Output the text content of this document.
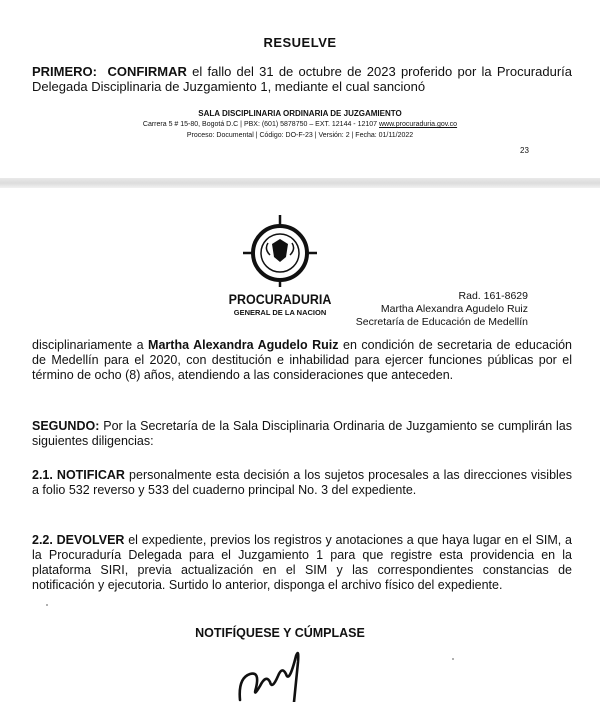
RESUELVE

PRIMERO: CONFIRMAR el fallo del 31 de octubre de 2023 proferido por la Procuraduría Delegada Disciplinaria de Juzgamiento 1, mediante el cual sancionó

SALA DISCIPLINARIA ORDINARIA DE JUZGAMIENTO
Carrera 5 # 15-80, Bogotá D.C | PBX: (601) 5878750 – EXT. 12144 - 12107 www.procuraduria.gov.co
Proceso: Documental | Código: DO-F-23 | Versión: 2 | Fecha: 01/11/2022
23
PROCURADURIA
GENERAL DE LA NACION
Rad. 161-8629
Martha Alexandra Agudelo Ruiz
Secretaría de Educación de Medellín

disciplinariamente a Martha Alexandra Agudelo Ruiz en condición de secretaria de educación de Medellín para el 2020, con destitución e inhabilidad para ejercer funciones públicas por el término de ocho (8) años, atendiendo a las consideraciones que anteceden.

SEGUNDO: Por la Secretaría de la Sala Disciplinaria Ordinaria de Juzgamiento se cumplirán las siguientes diligencias:

2.1. NOTIFICAR personalmente esta decisión a los sujetos procesales a las direcciones visibles a folio 532 reverso y 533 del cuaderno principal No. 3 del expediente.

2.2. DEVOLVER el expediente, previos los registros y anotaciones a que haya lugar en el SIM, a la Procuraduría Delegada para el Juzgamiento 1 para que registre esta providencia en la plataforma SIRI, previa actualización en el SIM y las correspondientes constancias de notificación y ejecutoria. Surtido lo anterior, disponga el archivo físico del expediente.

NOTIFÍQUESE Y CÚMPLASE
